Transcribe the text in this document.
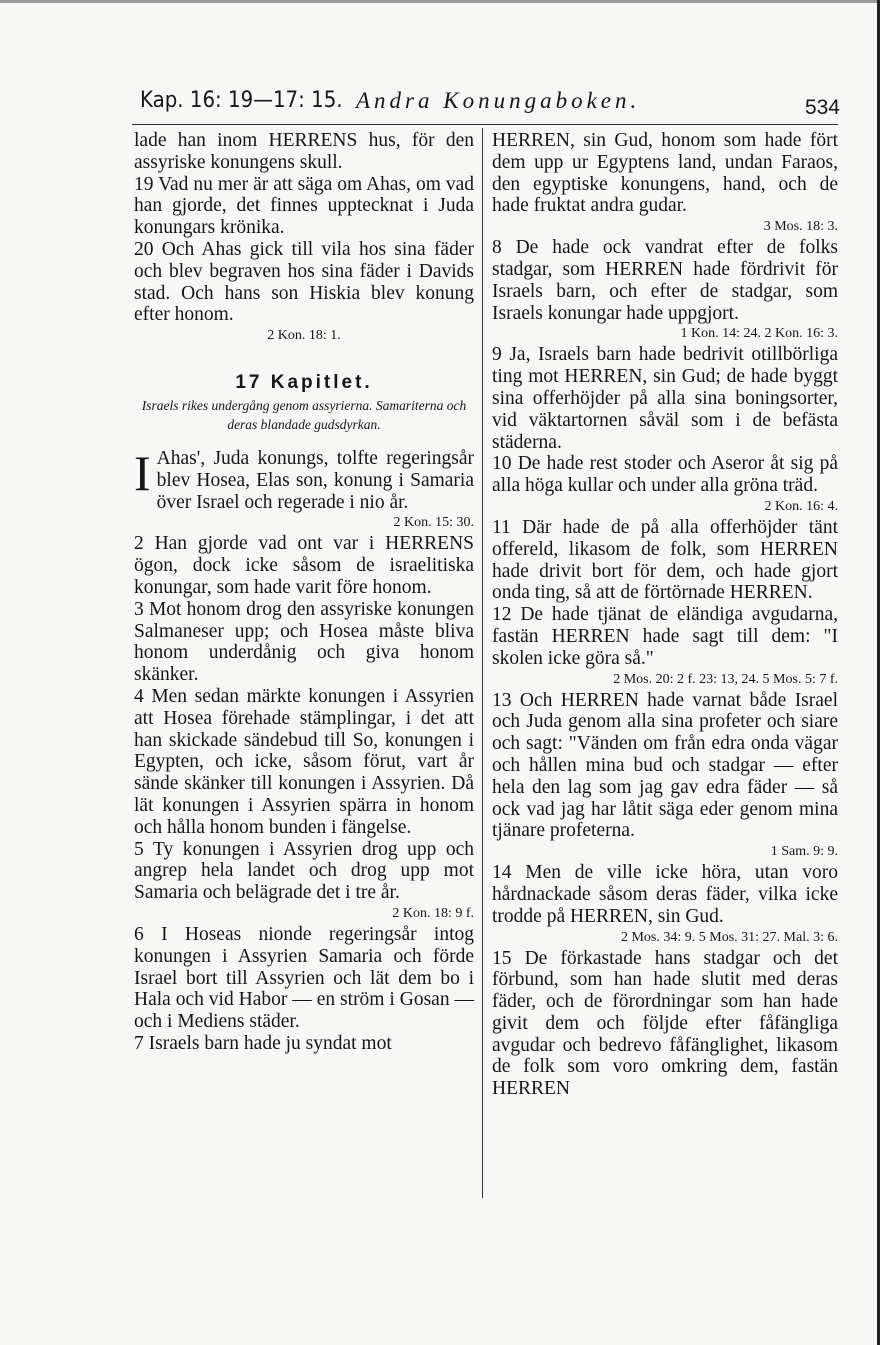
Kap. 16: 19—17: 15. Andra Konungaboken.	534

lade han inom HERRENS hus, för den assyriske konungens skull.

19 Vad nu mer är att säga om Ahas, om vad han gjorde, det finnes upptecknat i Juda konungars krönika.

20 Och Ahas gick till vila hos sina fäder och blev begraven hos sina fäder i Davids stad. Och hans son Hiskia blev konung efter honom.

2 Kon. 18: 1.
17 Kapitlet.
Israels rikes undergång genom assyrierna. Samariterna och deras blandade gudsdyrkan.

I Ahas', Juda konungs, tolfte regeringsår blev Hosea, Elas son, konung i Samaria över Israel och regerade i nio år.

2 Kon. 15: 30.

2 Han gjorde vad ont var i HERRENS ögon, dock icke såsom de israelitiska konungar, som hade varit före honom.

3 Mot honom drog den assyriske konungen Salmaneser upp; och Hosea måste bliva honom underdånig och giva honom skänker.

4 Men sedan märkte konungen i Assyrien att Hosea förehade stämplingar, i det att han skickade sändebud till So, konungen i Egypten, och icke, såsom förut, vart år sände skänker till konungen i Assyrien. Då lät konungen i Assyrien spärra in honom och hålla honom bunden i fängelse.

5 Ty konungen i Assyrien drog upp och angrep hela landet och drog upp mot Samaria och belägrade det i tre år.

2 Kon. 18: 9 f.

6 I Hoseas nionde regeringsår intog konungen i Assyrien Samaria och förde Israel bort till Assyrien och lät dem bo i Hala och vid Habor — en ström i Gosan — och i Mediens städer.

7 Israels barn hade ju syndat mot

HERREN, sin Gud, honom som hade fört dem upp ur Egyptens land, undan Faraos, den egyptiske konungens, hand, och de hade fruktat andra gudar.

3 Mos. 18: 3.

8 De hade ock vandrat efter de folks stadgar, som HERREN hade fördrivit för Israels barn, och efter de stadgar, som Israels konungar hade uppgjort.

1 Kon. 14: 24. 2 Kon. 16: 3.

9 Ja, Israels barn hade bedrivit otillbörliga ting mot HERREN, sin Gud; de hade byggt sina offerhöjder på alla sina boningsorter, vid väktartornen såväl som i de befästa städerna.

10 De hade rest stoder och Aseror åt sig på alla höga kullar och under alla gröna träd.

2 Kon. 16: 4.

11 Där hade de på alla offerhöjder tänt offereld, likasom de folk, som HERREN hade drivit bort för dem, och hade gjort onda ting, så att de förtörnade HERREN.

12 De hade tjänat de eländiga avgudarna, fastän HERREN hade sagt till dem: "I skolen icke göra så."

2 Mos. 20: 2 f. 23: 13, 24. 5 Mos. 5: 7 f.

13 Och HERREN hade varnat både Israel och Juda genom alla sina profeter och siare och sagt: "Vänden om från edra onda vägar och hållen mina bud och stadgar — efter hela den lag som jag gav edra fäder — så ock vad jag har låtit säga eder genom mina tjänare profeterna.

1 Sam. 9: 9.

14 Men de ville icke höra, utan voro hårdnackade såsom deras fäder, vilka icke trodde på HERREN, sin Gud.

2 Mos. 34: 9. 5 Mos. 31: 27. Mal. 3: 6.

15 De förkastade hans stadgar och det förbund, som han hade slutit med deras fäder, och de förordningar som han hade givit dem och följde efter fåfängliga avgudar och bedrevo fåfänglighet, likasom de folk som voro omkring dem, fastän HERREN
